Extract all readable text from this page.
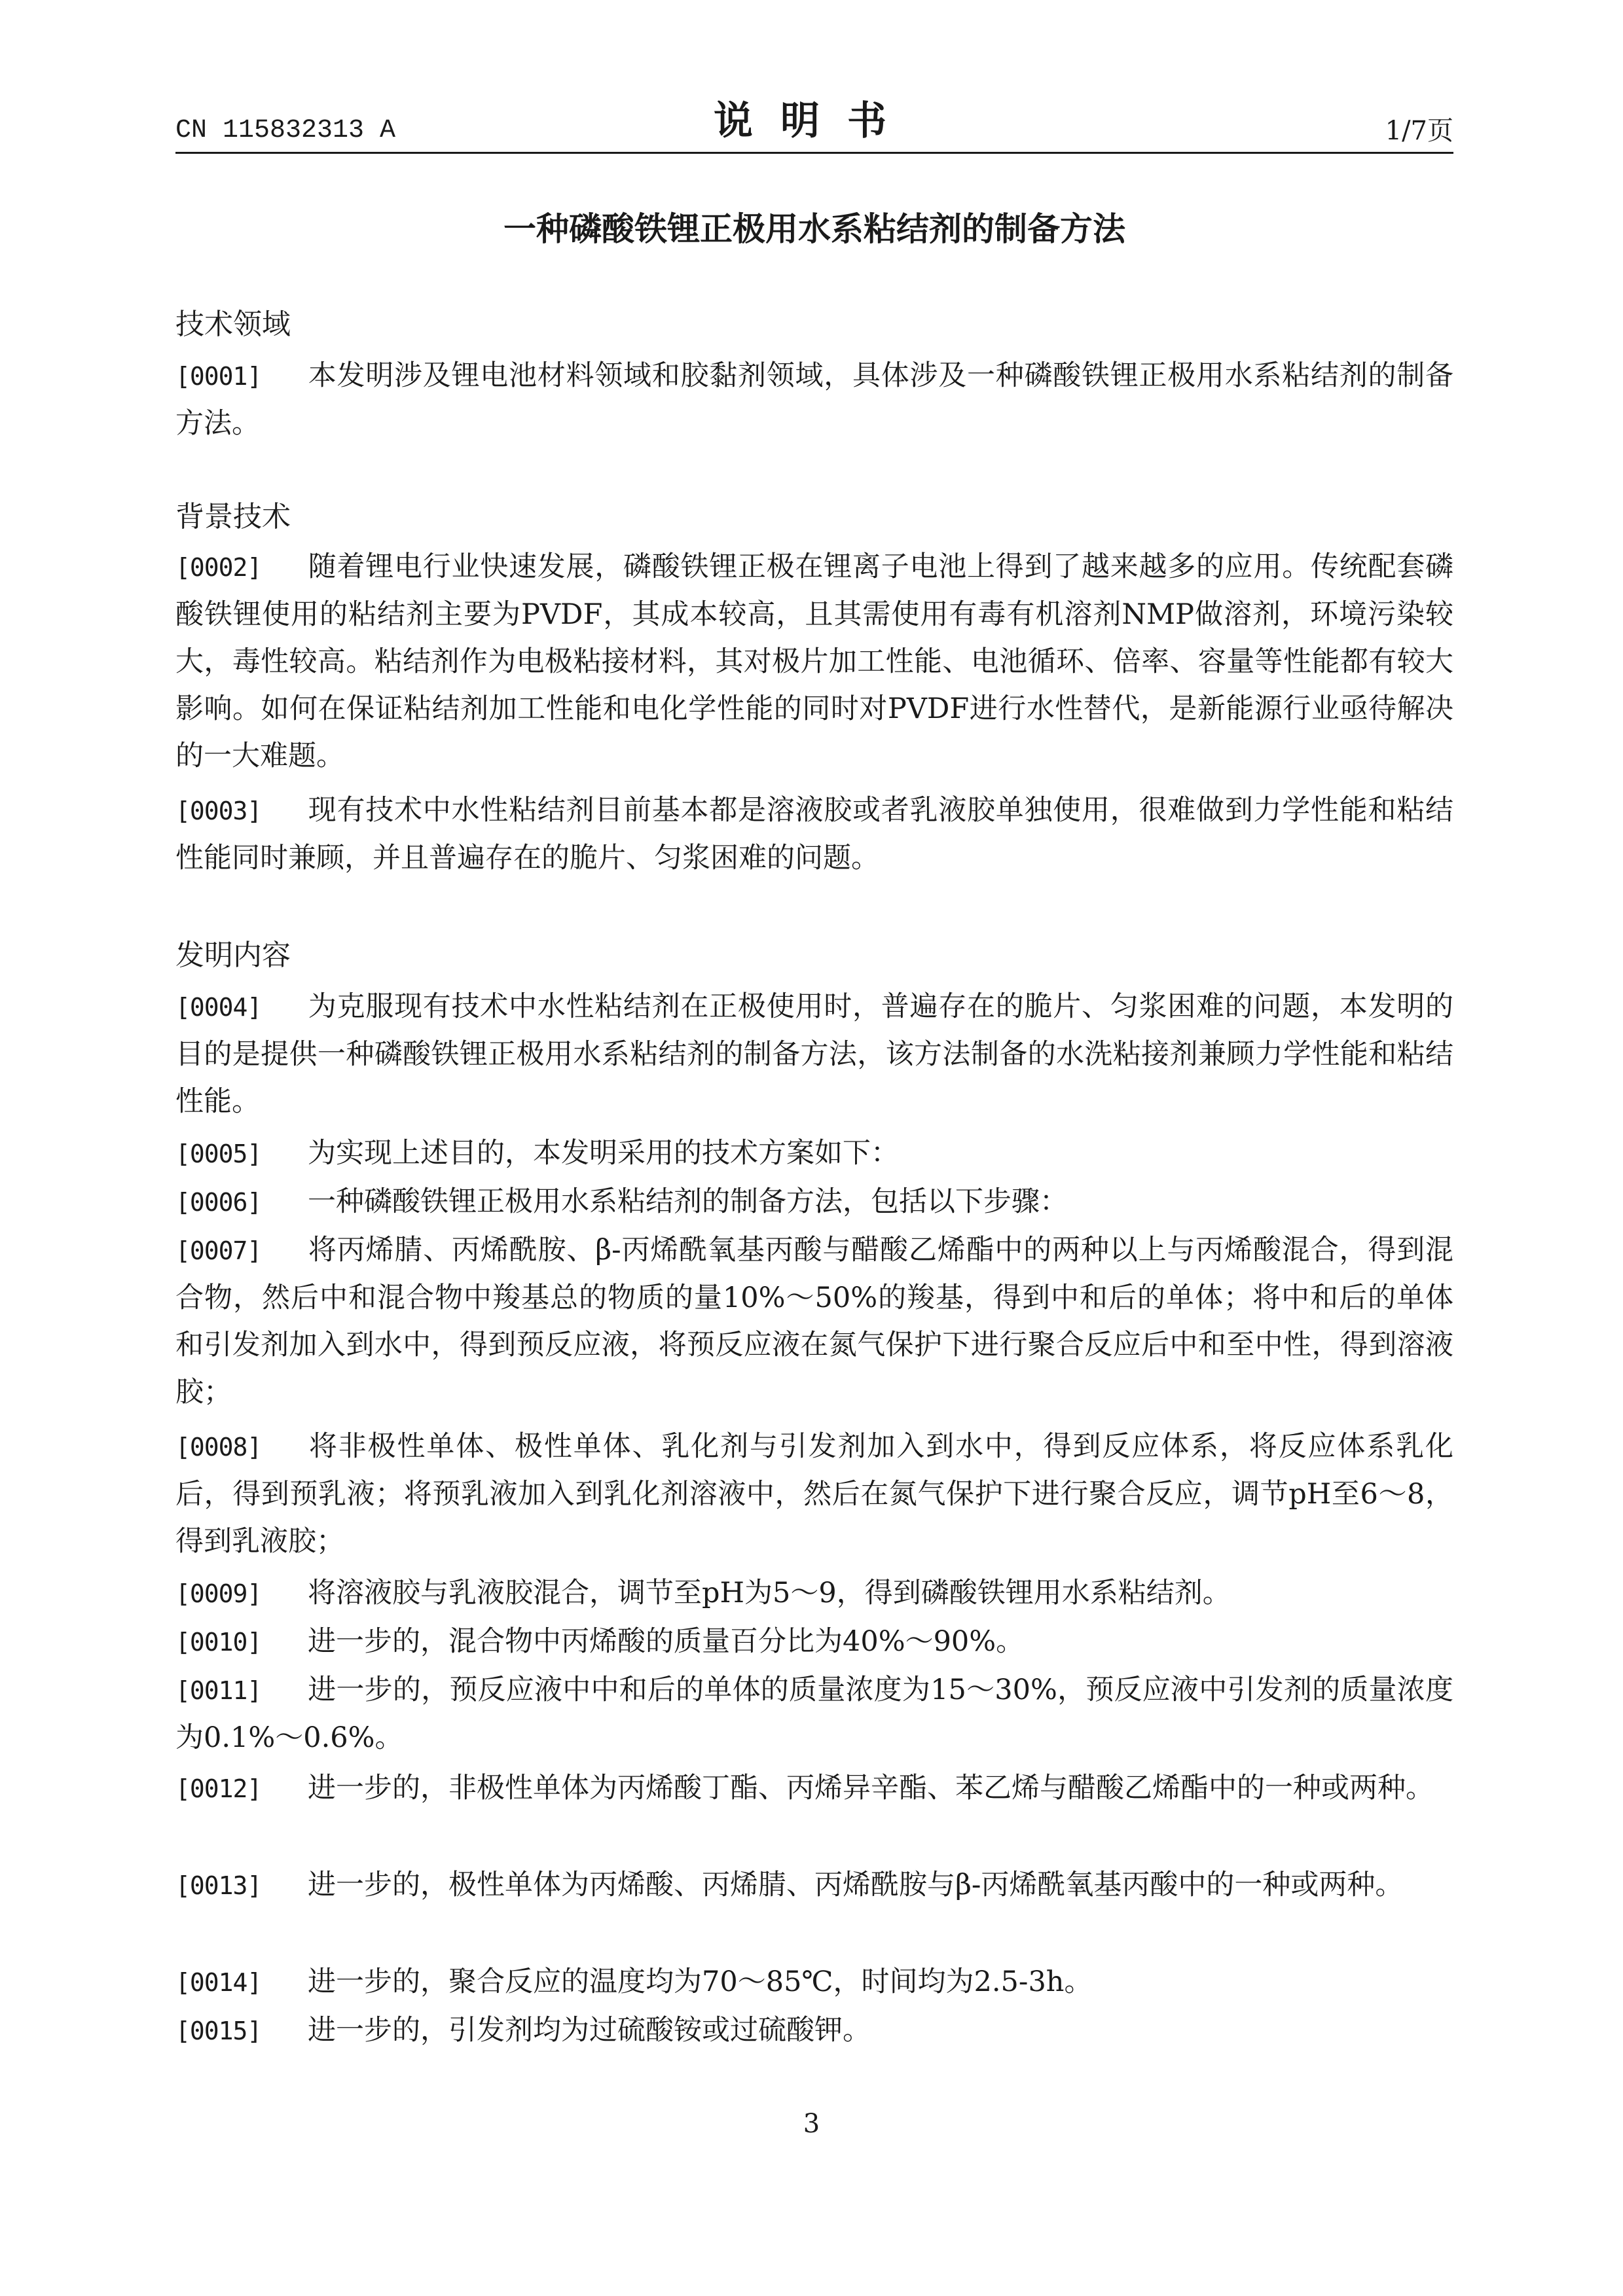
CN 115832313 A	说明书	1/7页
一种磷酸铁锂正极用水系粘结剂的制备方法
技术领域
[0001] 本发明涉及锂电池材料领域和胶黏剂领域，具体涉及一种磷酸铁锂正极用水系粘结剂的制备方法。
背景技术
[0002] 随着锂电行业快速发展，磷酸铁锂正极在锂离子电池上得到了越来越多的应用。传统配套磷酸铁锂使用的粘结剂主要为PVDF，其成本较高，且其需使用有毒有机溶剂NMP做溶剂，环境污染较大，毒性较高。粘结剂作为电极粘接材料，其对极片加工性能、电池循环、倍率、容量等性能都有较大影响。如何在保证粘结剂加工性能和电化学性能的同时对PVDF进行水性替代，是新能源行业亟待解决的一大难题。
[0003] 现有技术中水性粘结剂目前基本都是溶液胶或者乳液胶单独使用，很难做到力学性能和粘结性能同时兼顾，并且普遍存在的脆片、匀浆困难的问题。
发明内容
[0004] 为克服现有技术中水性粘结剂在正极使用时，普遍存在的脆片、匀浆困难的问题，本发明的目的是提供一种磷酸铁锂正极用水系粘结剂的制备方法，该方法制备的水洗粘接剂兼顾力学性能和粘结性能。
[0005] 为实现上述目的，本发明采用的技术方案如下：
[0006] 一种磷酸铁锂正极用水系粘结剂的制备方法，包括以下步骤：
[0007] 将丙烯腈、丙烯酰胺、β-丙烯酰氧基丙酸与醋酸乙烯酯中的两种以上与丙烯酸混合，得到混合物，然后中和混合物中羧基总的物质的量10%～50%的羧基，得到中和后的单体；将中和后的单体和引发剂加入到水中，得到预反应液，将预反应液在氮气保护下进行聚合反应后中和至中性，得到溶液胶；
[0008] 将非极性单体、极性单体、乳化剂与引发剂加入到水中，得到反应体系，将反应体系乳化后，得到预乳液；将预乳液加入到乳化剂溶液中，然后在氮气保护下进行聚合反应，调节pH至6～8，得到乳液胶；
[0009] 将溶液胶与乳液胶混合，调节至pH为5～9，得到磷酸铁锂用水系粘结剂。
[0010] 进一步的，混合物中丙烯酸的质量百分比为40%～90%。
[0011] 进一步的，预反应液中中和后的单体的质量浓度为15～30%，预反应液中引发剂的质量浓度为0.1%～0.6%。
[0012] 进一步的，非极性单体为丙烯酸丁酯、丙烯异辛酯、苯乙烯与醋酸乙烯酯中的一种或两种。
[0013] 进一步的，极性单体为丙烯酸、丙烯腈、丙烯酰胺与β-丙烯酰氧基丙酸中的一种或两种。
[0014] 进一步的，聚合反应的温度均为70～85℃，时间均为2.5-3h。
[0015] 进一步的，引发剂均为过硫酸铵或过硫酸钾。
3
